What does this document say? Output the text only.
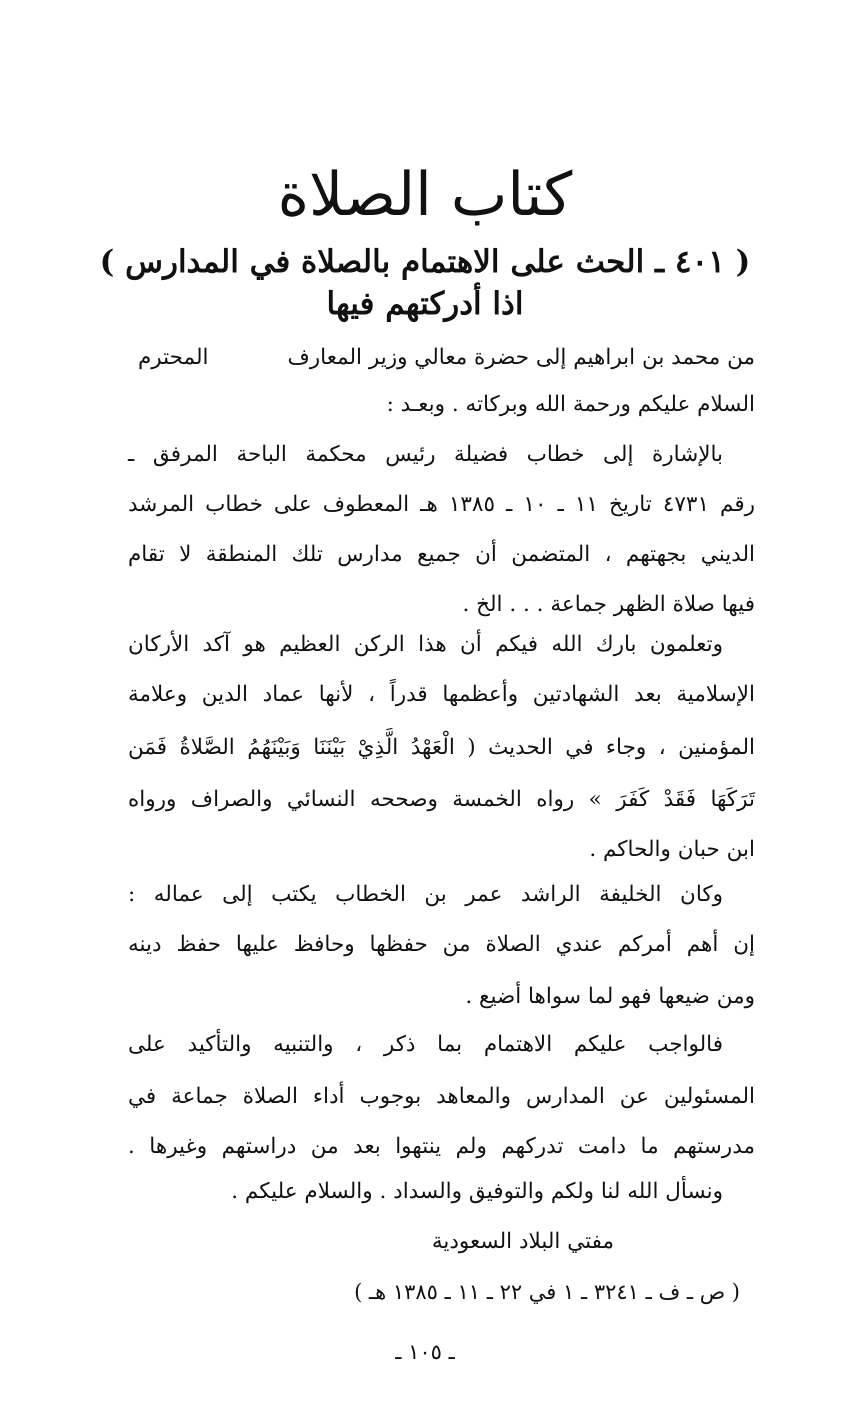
كتاب الصلاة
( ٤٠١ ـ الحث على الاهتمام بالصلاة في المدارس )
اذا أدركتهم فيها
من محمد بن ابراهيم إلى حضرة معالي وزير المعارف
المحترم
السلام عليكم ورحمة الله وبركاته . وبعـد :
بالإشارة إلى خطاب فضيلة رئيس محكمة الباحة المرفق ـ
رقم ٤٧٣١ تاريخ ١١ ـ ١٠ ـ ١٣٨٥ هـ المعطوف على خطاب المرشد
الديني بجهتهم ، المتضمن أن جميع مدارس تلك المنطقة لا تقام
فيها صلاة الظهر جماعة . . . الخ .
وتعلمون بارك الله فيكم أن هذا الركن العظيم هو آكد الأركان
الإسلامية بعد الشهادتين وأعظمها قدراً ، لأنها عماد الدين وعلامة
المؤمنين ، وجاء في الحديث ( الْعَهْدُ الَّذِيْ بَيْنَنَا وَبَيْنَهُمُ الصَّلاةُ فَمَن
تَرَكَهَا فَقَدْ كَفَرَ » رواه الخمسة وصححه النسائي والصراف ورواه
ابن حبان والحاكم .
وكان الخليفة الراشد عمر بن الخطاب يكتب إلى عماله :
إن أهم أمركم عندي الصلاة من حفظها وحافظ عليها حفظ دينه
ومن ضيعها فهو لما سواها أضيع .
فالواجب عليكم الاهتمام بما ذكر ، والتنبيه والتأكيد على
المسئولين عن المدارس والمعاهد بوجوب أداء الصلاة جماعة في
مدرستهم ما دامت تدركهم ولم ينتهوا بعد من دراستهم وغيرها .
ونسأل الله لنا ولكم والتوفيق والسداد . والسلام عليكم .
مفتي البلاد السعودية
( ص ـ ف ـ ٣٢٤١ ـ ١ في ٢٢ ـ ١١ ـ ١٣٨٥ هـ )
ـ ١٠٥ ـ
